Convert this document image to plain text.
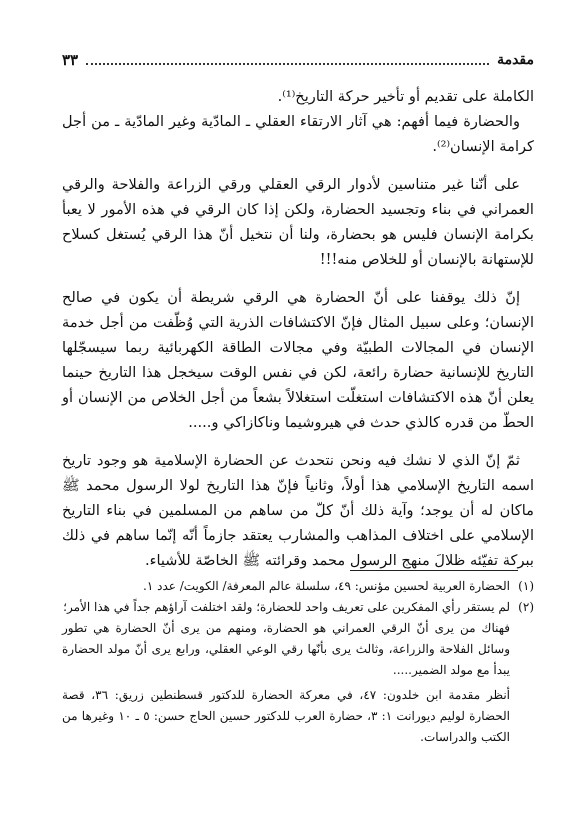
مقدمة
٣٣

الكاملة على تقديم أو تأخير حركة التاريخ⁽¹⁾.

والحضارة فيما أفهم: هي آثار الارتقاء العقلي ـ المادّية وغير المادّية ـ من أجل كرامة الإنسان⁽²⁾.

على أنّنا غير متناسين لأدوار الرقي العقلي ورقي الزراعة والفلاحة والرقي العمراني في بناء وتجسيد الحضارة، ولكن إذا كان الرقي في هذه الأمور لا يعبأ بكرامة الإنسان فليس هو بحضارة، ولنا أن نتخيل أنّ هذا الرقي يُستغل كسلاح للإستهانة بالإنسان أو للخلاص منه!!!

إنّ ذلك يوقفنا على أنّ الحضارة هي الرقي شريطة أن يكون في صالح الإنسان؛ وعلى سبيل المثال فإنّ الاكتشافات الذرية التي وُظّفت من أجل خدمة الإنسان في المجالات الطبيّة وفي مجالات الطاقة الكهربائية ربما سيسجّلها التاريخ للإنسانية حضارة رائعة، لكن في نفس الوقت سيخجل هذا التاريخ حينما يعلن أنّ هذه الاكتشافات استغلّت استغلالاً بشعاً من أجل الخلاص من الإنسان أو الحطّ من قدره كالذي حدث في هيروشيما وناكازاكي و.....

ثمّ إنّ الذي لا نشك فيه ونحن نتحدث عن الحضارة الإسلامية هو وجود تاريخ اسمه التاريخ الإسلامي هذا أولاً، وثانياً فإنّ هذا التاريخ لولا الرسول محمد ﷺ ماكان له أن يوجد؛ وآية ذلك أنّ كلّ من ساهم من المسلمين في بناء التاريخ الإسلامي على اختلاف المذاهب والمشارب يعتقد جازماً أنّه إنّما ساهم في ذلك ببركة تفيّئه ظلالَ منهج الرسول محمد وقرائته ﷺ الخاصّة للأشياء.

(١)
الحضارة العربية لحسين مؤنس: ٤٩، سلسلة عالم المعرفة/ الكويت/ عدد ١.
(٢)
لم يستقر رأي المفكرين على تعريف واحد للحضارة؛ ولقد اختلفت آراؤهم جداً في هذا الأمر؛
فهناك من يرى أنّ الرقي العمراني هو الحضارة، ومنهم من يرى أنّ الحضارة هي تطور وسائل الفلاحة والزراعة، وثالث يرى بأنّها رقي الوعي العقلي، ورابع يرى أنّ مولد الحضارة يبدأ مع مولد الضمير.....
أنظر مقدمة ابن خلدون: ٤٧، في معركة الحضارة للدكتور قسطنطين زريق: ٣٦، قصة الحضارة لوليم ديورانت ١: ٣، حضارة العرب للدكتور حسين الحاج حسن: ٥ ـ ١٠ وغيرها من الكتب والدراسات.
